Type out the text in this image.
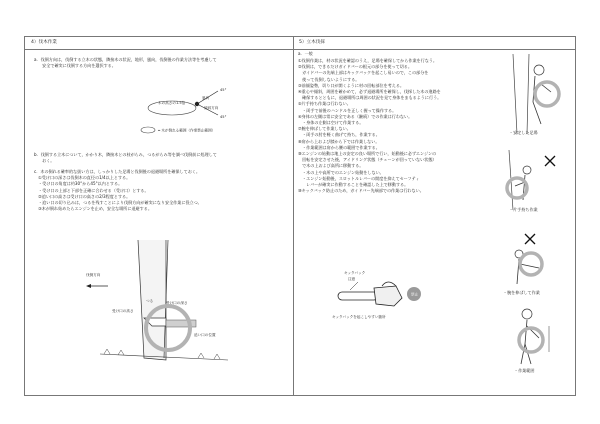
4）伐木作業	5）立木伐採

a．伐倒方向は，伐倒する立木の状態，隣接木の状況，地形，風向，伐倒後の作業方法等を考慮して

　　安全で確実に伐倒する方向を選択する。

45°
45°
風向
木の高さの1.5倍
傾斜方向
━ 木が倒れる範囲（作業禁止範囲）

b．伐倒する立木について，かかり木，隣接木との枝がらみ，つるがらみ等を調べ伐倒前に処理して

　　おく。

c．木の倒れる確率的な扱い方は，しっかりした足場と伐倒後の退避場所を確保しておく。

　①受け口の深さは伐倒木の直径の1/4以上とする。

　・受け口の角度は約30°から45°以内とする。

　・受け口の上部と下部を正確に合わせる（受け口）とする。

　②追い口の高さは受け口の高さの2/3程度とする。

　・追い口の切り込みは，つるを残すことにより伐倒方向が確実になり安全作業に役立つ。

　③木が倒れ始めたらエンジンを止め，安全な場所に退避する。

伐倒方向
つる
受け口の高さ
受け口の深さ
追い口の位置
a．一般

①伐倒作業は，材の状況を確認のうえ，足場を確保してから作業を行なう。

②伐倒は，できるだけガイドバーの根元の部分を使って切る。

　ガイドバーの先端上部はキックバックを起こし易いので，この部分を

　使って伐倒しないようにする。

③前傾姿勢，切り口が開くように材の回転部位を考える。

④重心や傾斜，周囲を確かめて，必ず退避場所を確保し，伐採した木の進路を

　確保するとともに，退避場所は周囲の状況を見て身体をまもるように行う。

⑤片手持ち作業は行わない。

　・両手で前後のハンドルを正しく握って操作する。

⑥身体の左側は常に安全である（継続）での作業は行わない。

　・身体の左側は空けて作業する。

⑦腕を伸ばして作業しない。

　・両手の肘を軽く曲げて持ち，作業する。

⑧肩から上および膝から下では作業しない。

　・作業範囲は肩から腰の範囲で作業する。

⑨エンジンの始動は地上の安定の良い場所で行い，始動後に必ずエンジンの

　回転を安定させた後，アイドリング状態（チェーンが回っていない状態）

　で木の上および高所に移動する。

　・木の上や高所でのエンジン始動をしない。

　・エンジン始動後，スロットルレバーの開度を抑えてセーフティ

　　レバーが確実に作動することを確認した上で移動する。

⑩キックバック防止のため，ガイドバー先端部での作業は行わない。

キックバック
注意
禁止
キックバックを起こしやすい箇所
・安定した足場
・片手持ち作業
・腕を伸ばして作業
・作業範囲
